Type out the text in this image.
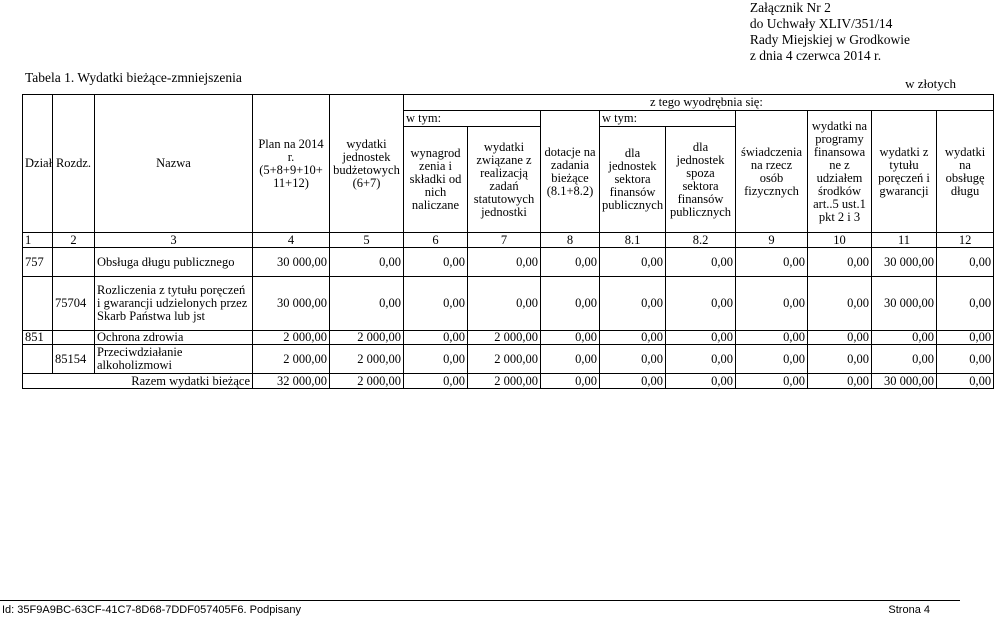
Załącznik Nr 2
do Uchwały XLIV/351/14
Rady Miejskiej w Grodkowie
z dnia 4 czerwca 2014 r.
Tabela 1. Wydatki bieżące-zmniejszenia	w złotych
Dział	Rozdz.	Nazwa	Plan na 2014 r. (5+8+9+10+ 11+12)	wydatki jednostek budżetowych (6+7)	z tego wyodrębnia się:								
					w tym:		dotacje na zadania bieżące (8.1+8.2)	w tym:		świadczenia na rzecz osób fizycznych	wydatki na programy finansowa ne z udziałem środków art..5 ust.1 pkt 2 i 3	wydatki z tytułu poręczeń i gwarancji	wydatki na obsługę długu
					wynagrod zenia i składki od nich naliczane	wydatki związane z realizacją zadań statutowych jednostki		dla jednostek sektora finansów publicznych	dla jednostek spoza sektora finansów publicznych				
1	2	3	4	5	6	7	8	8.1	8.2	9	10	11	12
757		Obsługa długu publicznego	30 000,00	0,00	0,00	0,00	0,00	0,00	0,00	0,00	0,00	30 000,00	0,00
	75704	Rozliczenia z tytułu poręczeń i gwarancji udzielonych przez Skarb Państwa lub jst	30 000,00	0,00	0,00	0,00	0,00	0,00	0,00	0,00	0,00	30 000,00	0,00
851		Ochrona zdrowia	2 000,00	2 000,00	0,00	2 000,00	0,00	0,00	0,00	0,00	0,00	0,00	0,00
	85154	Przeciwdziałanie alkoholizmowi	2 000,00	2 000,00	0,00	2 000,00	0,00	0,00	0,00	0,00	0,00	0,00	0,00
Razem wydatki bieżące			32 000,00	2 000,00	0,00	2 000,00	0,00	0,00	0,00	0,00	0,00	30 000,00	0,00
Id: 35F9A9BC-63CF-41C7-8D68-7DDF057405F6. Podpisany	Strona 4
